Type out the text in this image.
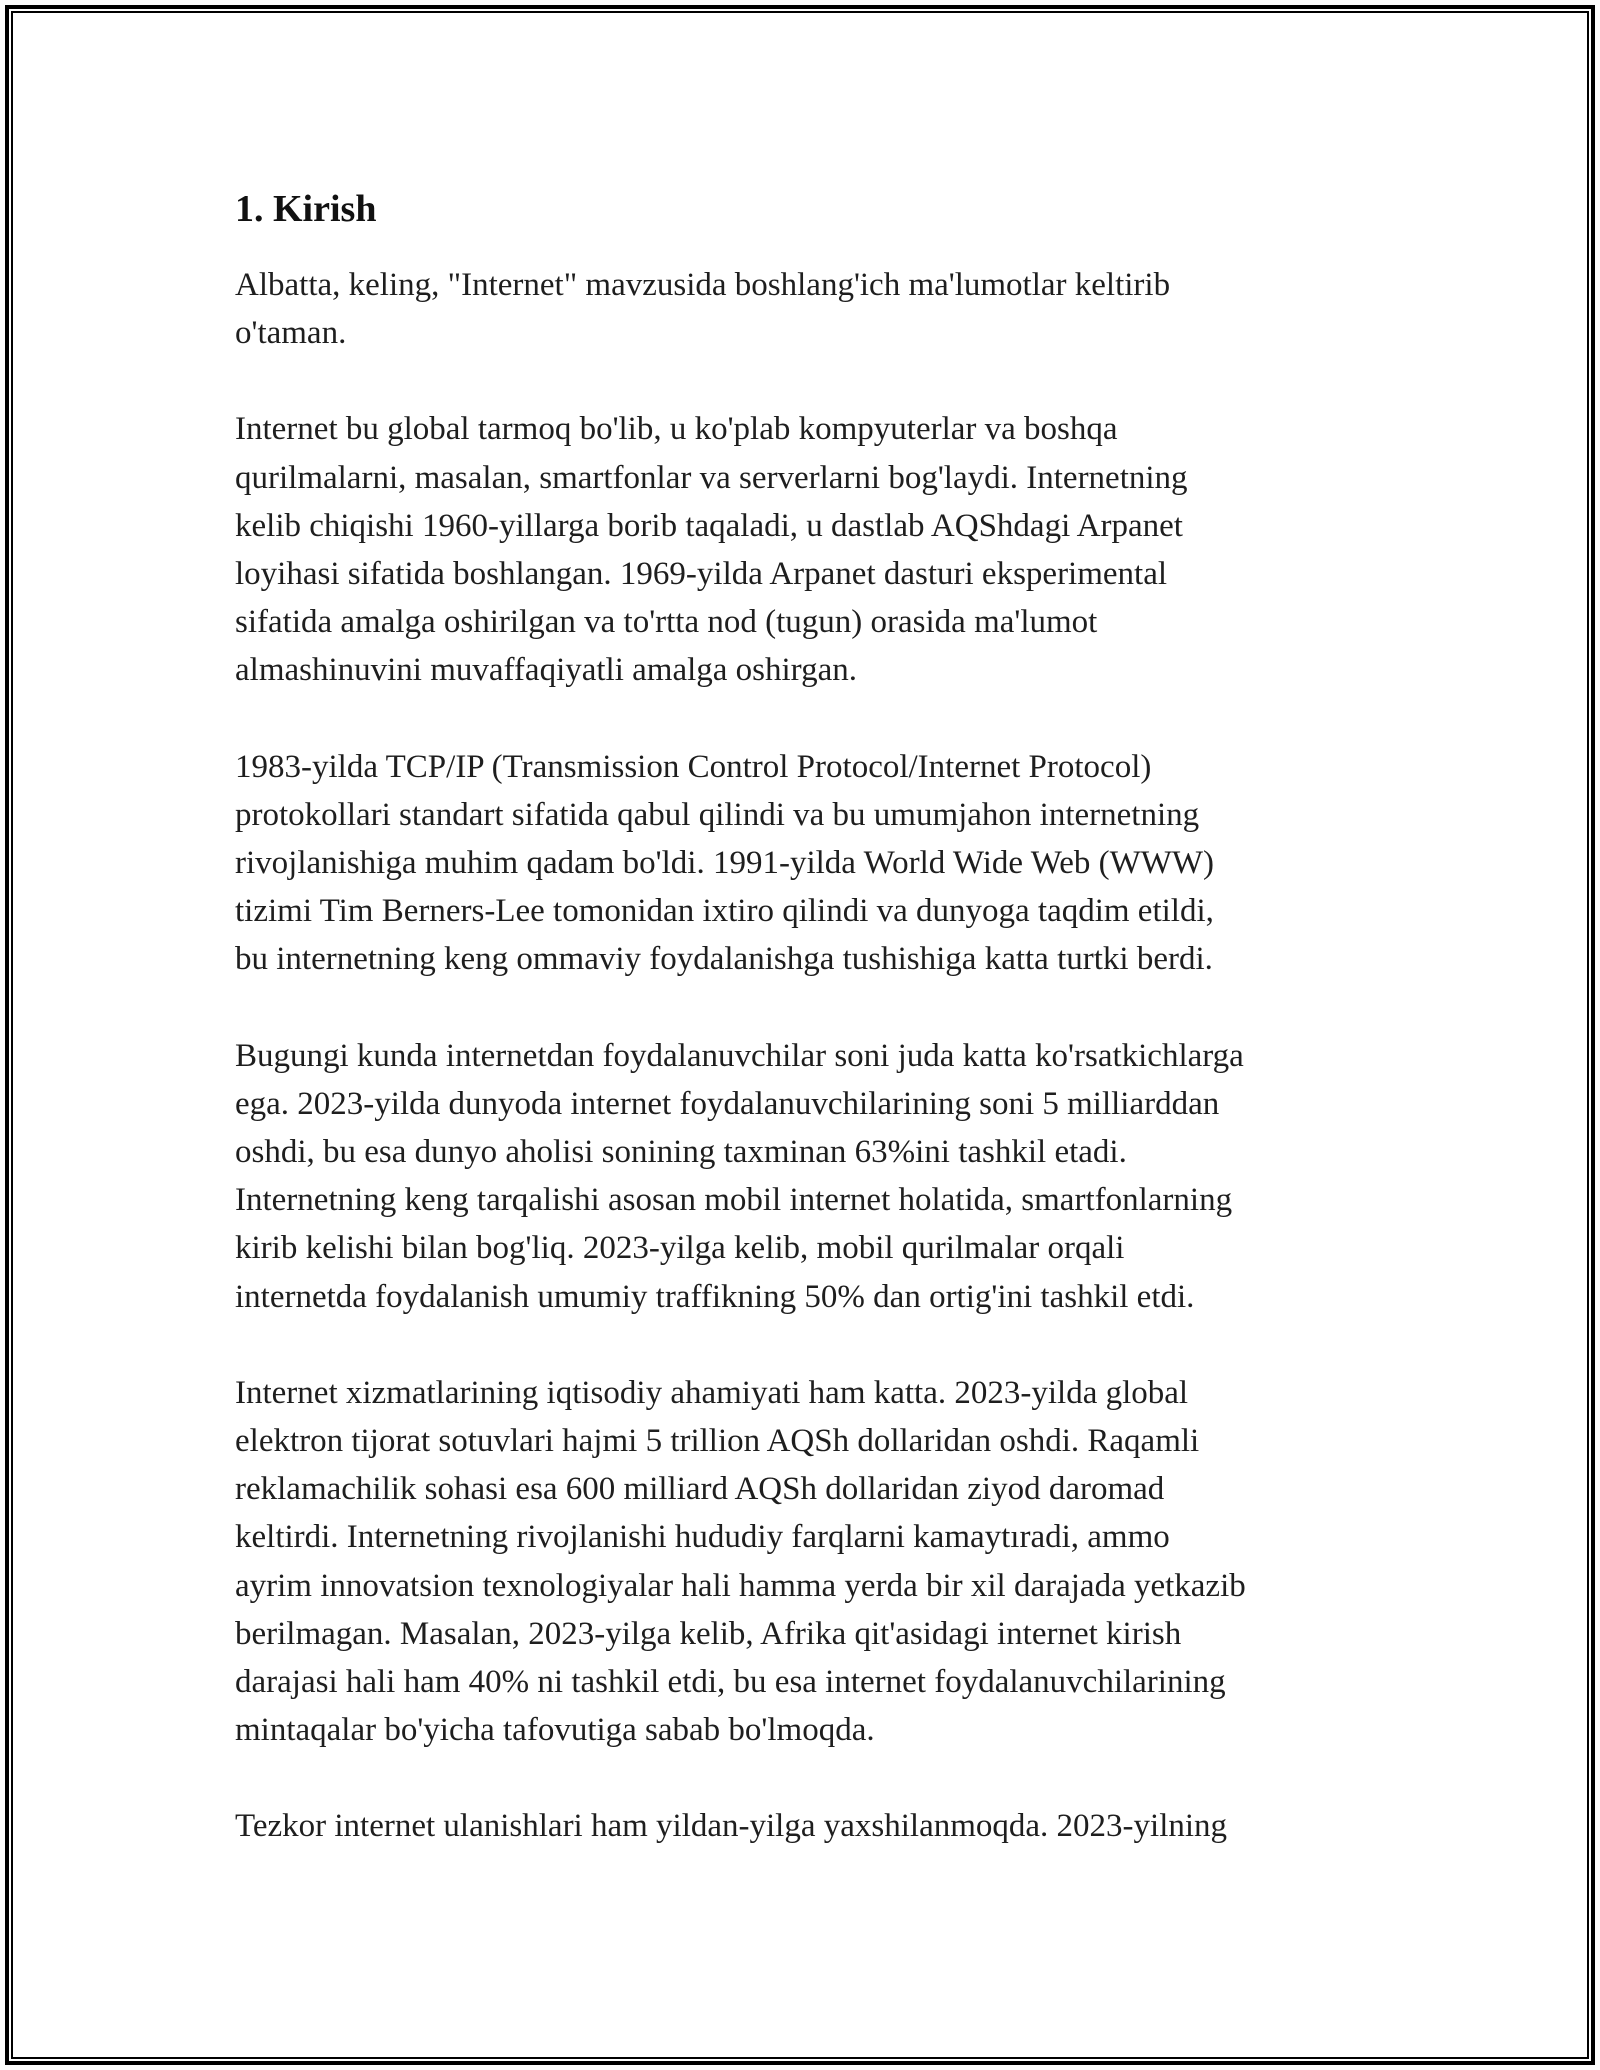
1. Kirish

Albatta, keling, "Internet" mavzusida boshlang'ich ma'lumotlar keltirib
o'taman.

Internet bu global tarmoq bo'lib, u ko'plab kompyuterlar va boshqa
qurilmalarni, masalan, smartfonlar va serverlarni bog'laydi. Internetning
kelib chiqishi 1960-yillarga borib taqaladi, u dastlab AQShdagi Arpanet
loyihasi sifatida boshlangan. 1969-yilda Arpanet dasturi eksperimental
sifatida amalga oshirilgan va to'rtta nod (tugun) orasida ma'lumot
almashinuvini muvaffaqiyatli amalga oshirgan.

1983-yilda TCP/IP (Transmission Control Protocol/Internet Protocol)
protokollari standart sifatida qabul qilindi va bu umumjahon internetning
rivojlanishiga muhim qadam bo'ldi. 1991-yilda World Wide Web (WWW)
tizimi Tim Berners-Lee tomonidan ixtiro qilindi va dunyoga taqdim etildi,
bu internetning keng ommaviy foydalanishga tushishiga katta turtki berdi.

Bugungi kunda internetdan foydalanuvchilar soni juda katta ko'rsatkichlarga
ega. 2023-yilda dunyoda internet foydalanuvchilarining soni 5 milliarddan
oshdi, bu esa dunyo aholisi sonining taxminan 63%ini tashkil etadi.
Internetning keng tarqalishi asosan mobil internet holatida, smartfonlarning
kirib kelishi bilan bog'liq. 2023-yilga kelib, mobil qurilmalar orqali
internetda foydalanish umumiy traffikning 50% dan ortig'ini tashkil etdi.

Internet xizmatlarining iqtisodiy ahamiyati ham katta. 2023-yilda global
elektron tijorat sotuvlari hajmi 5 trillion AQSh dollaridan oshdi. Raqamli
reklamachilik sohasi esa 600 milliard AQSh dollaridan ziyod daromad
keltirdi. Internetning rivojlanishi hududiy farqlarni kamaytıradi, ammo
ayrim innovatsion texnologiyalar hali hamma yerda bir xil darajada yetkazib
berilmagan. Masalan, 2023-yilga kelib, Afrika qit'asidagi internet kirish
darajasi hali ham 40% ni tashkil etdi, bu esa internet foydalanuvchilarining
mintaqalar bo'yicha tafovutiga sabab bo'lmoqda.

Tezkor internet ulanishlari ham yildan-yilga yaxshilanmoqda. 2023-yilning
